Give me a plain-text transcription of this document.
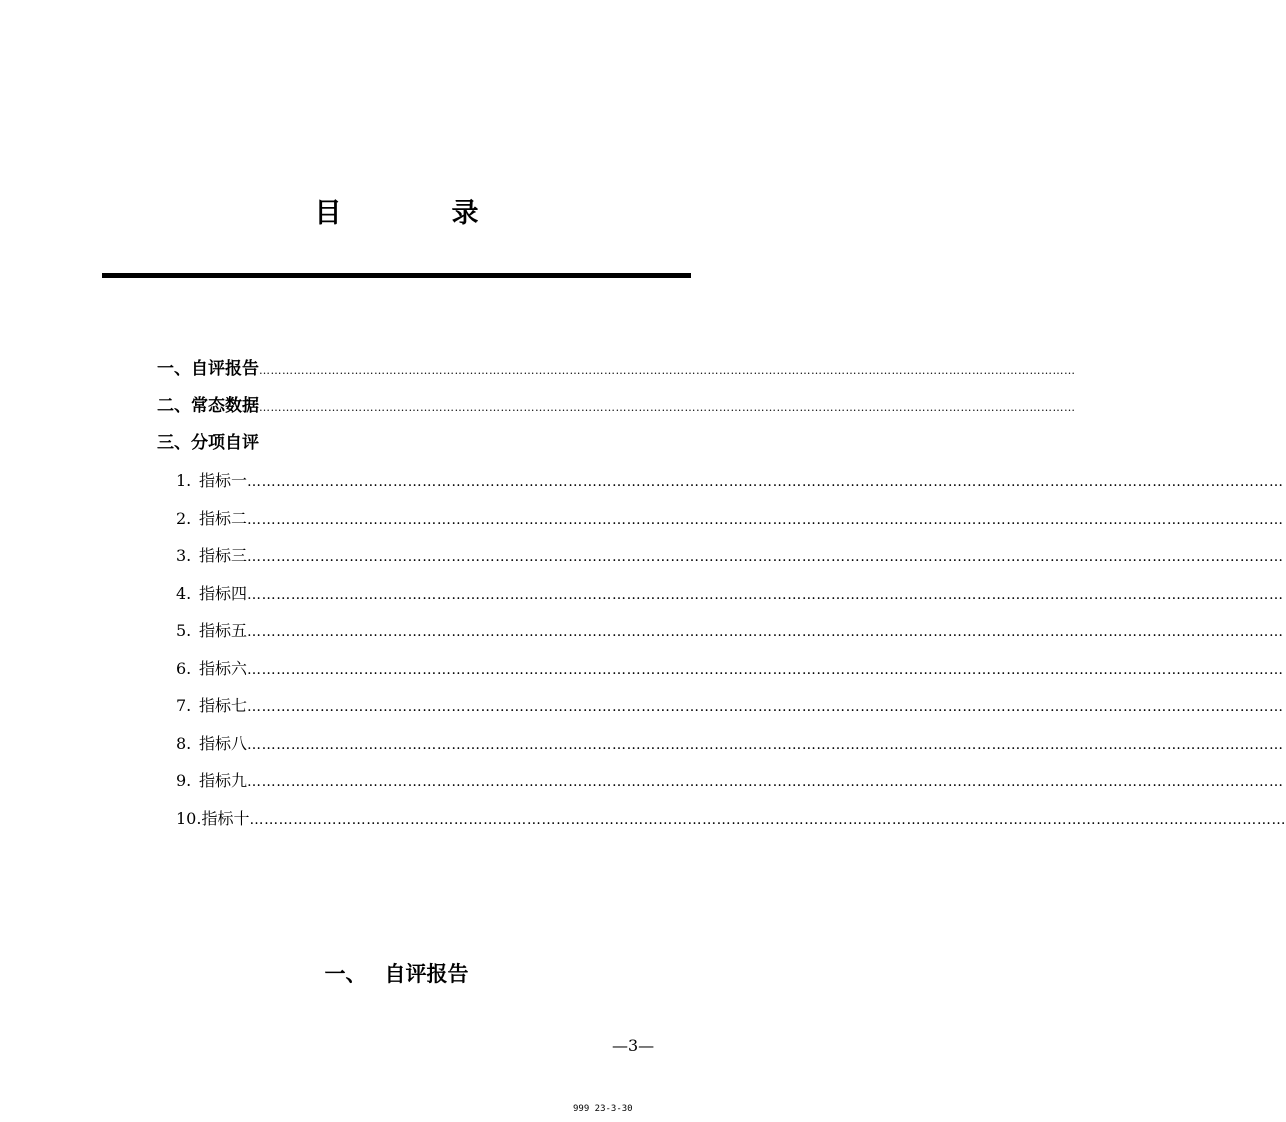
目	录
一、自评报告 ……………………………………………………………………………………………………………………………………………………………………………………………
二、常态数据 ……………………………………………………………………………………………………………………………………………………………………………………………
三、分项自评
1. 指标一 ……………………………………………………………………………………………………………………………………………………………………………………………
2. 指标二 ……………………………………………………………………………………………………………………………………………………………………………………………
3. 指标三 ……………………………………………………………………………………………………………………………………………………………………………………………
4. 指标四 ……………………………………………………………………………………………………………………………………………………………………………………………
5. 指标五 ……………………………………………………………………………………………………………………………………………………………………………………………
6. 指标六 ……………………………………………………………………………………………………………………………………………………………………………………………
7. 指标七 ……………………………………………………………………………………………………………………………………………………………………………………………
8. 指标八 ……………………………………………………………………………………………………………………………………………………………………………………………
9. 指标九 ……………………………………………………………………………………………………………………………………………………………………………………………
10.指标十 ……………………………………………………………………………………………………………………………………………………………………………………………
一、 自评报告
—3—
999 23-3-30
